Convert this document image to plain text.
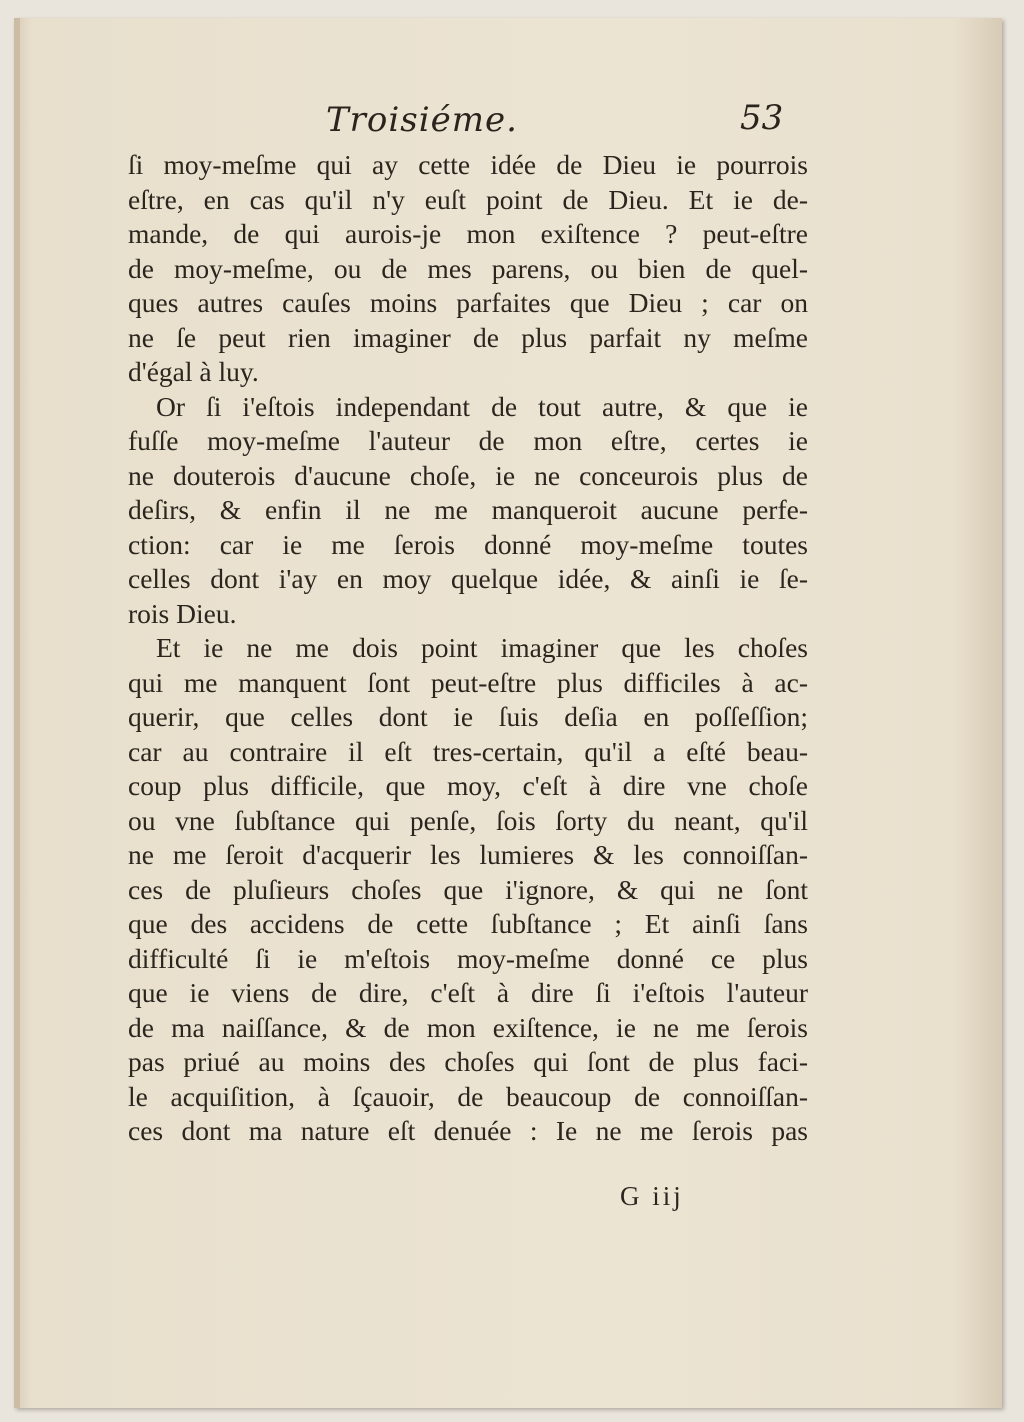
Troisiéme.	53
ſi moy-meſme qui ay cette idée de Dieu ie pourrois
eſtre, en cas qu'il n'y euſt point de Dieu. Et ie de-
mande, de qui aurois-je mon exiſtence ? peut-eſtre
de moy-meſme, ou de mes parens, ou bien de quel-
ques autres cauſes moins parfaites que Dieu ; car on
ne ſe peut rien imaginer de plus parfait ny meſme
d'égal à luy.
Or ſi i'eſtois independant de tout autre, & que ie
fuſſe moy-meſme l'auteur de mon eſtre, certes ie
ne douterois d'aucune choſe, ie ne conceurois plus de
deſirs, & enfin il ne me manqueroit aucune perfe-
ction: car ie me ſerois donné moy-meſme toutes
celles dont i'ay en moy quelque idée, & ainſi ie ſe-
rois Dieu.
Et ie ne me dois point imaginer que les choſes
qui me manquent ſont peut-eſtre plus difficiles à ac-
querir, que celles dont ie ſuis deſia en poſſeſſion;
car au contraire il eſt tres-certain, qu'il a eſté beau-
coup plus difficile, que moy, c'eſt à dire vne choſe
ou vne ſubſtance qui penſe, ſois ſorty du neant, qu'il
ne me ſeroit d'acquerir les lumieres & les connoiſſan-
ces de pluſieurs choſes que i'ignore, & qui ne ſont
que des accidens de cette ſubſtance ; Et ainſi ſans
difficulté ſi ie m'eſtois moy-meſme donné ce plus
que ie viens de dire, c'eſt à dire ſi i'eſtois l'auteur
de ma naiſſance, & de mon exiſtence, ie ne me ſerois
pas priué au moins des choſes qui ſont de plus faci-
le acquiſition, à ſçauoir, de beaucoup de connoiſſan-
ces dont ma nature eſt denuée : Ie ne me ſerois pas
G iij
